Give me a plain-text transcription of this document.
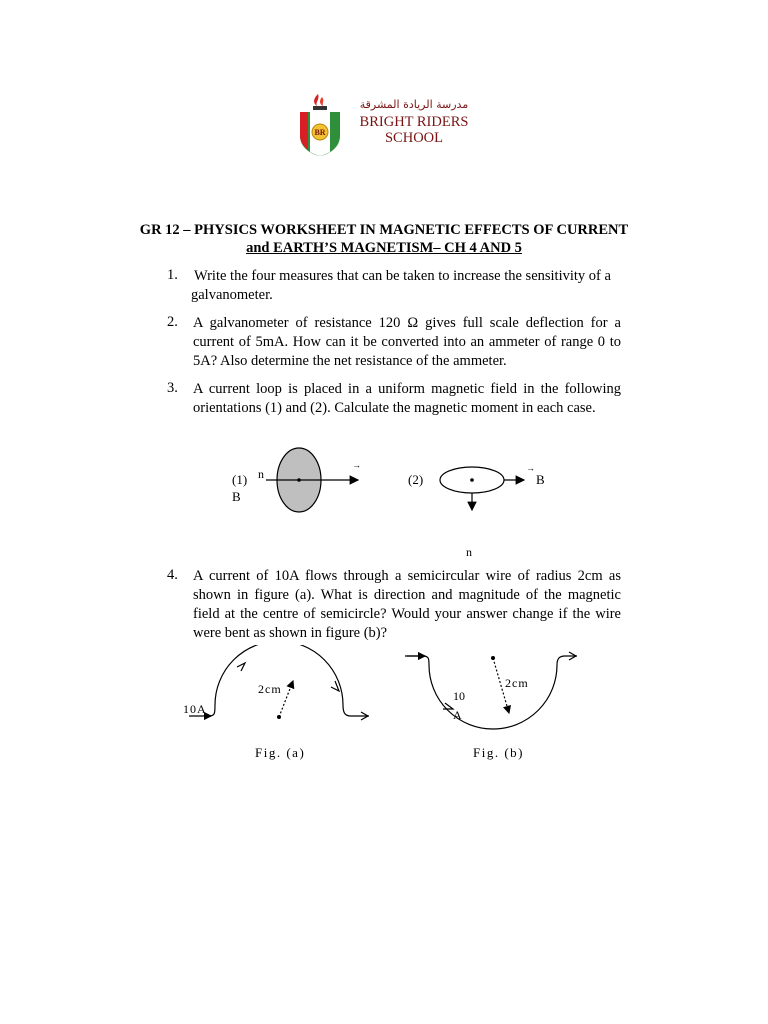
BR
مدرسة الريادة المشرقة
BRIGHT RIDERS
SCHOOL
GR 12 – PHYSICS WORKSHEET IN MAGNETIC EFFECTS OF CURRENT
and EARTH’S MAGNETISM– CH 4 AND 5
1. Write the four measures that can be taken to increase the sensitivity of a galvanometer.
2. A galvanometer of resistance 120 Ω gives full scale deflection for a current of 5mA. How can it be converted into an ammeter of range 0 to 5A? Also determine the net resistance of the ammeter.
3. A current loop is placed in a uniform magnetic field in the following orientations (1) and (2). Calculate the magnetic moment in each case.
(1)
B
n
→
(2)
→
B
n
4. A current of 10A flows through a semicircular wire of radius 2cm as shown in figure (a). What is direction and magnitude of the magnetic field at the centre of semicircle? Would your answer change if the wire were bent as shown in figure (b)?
2cm
10A
Fig. (a)
2cm
10
A
Fig. (b)
